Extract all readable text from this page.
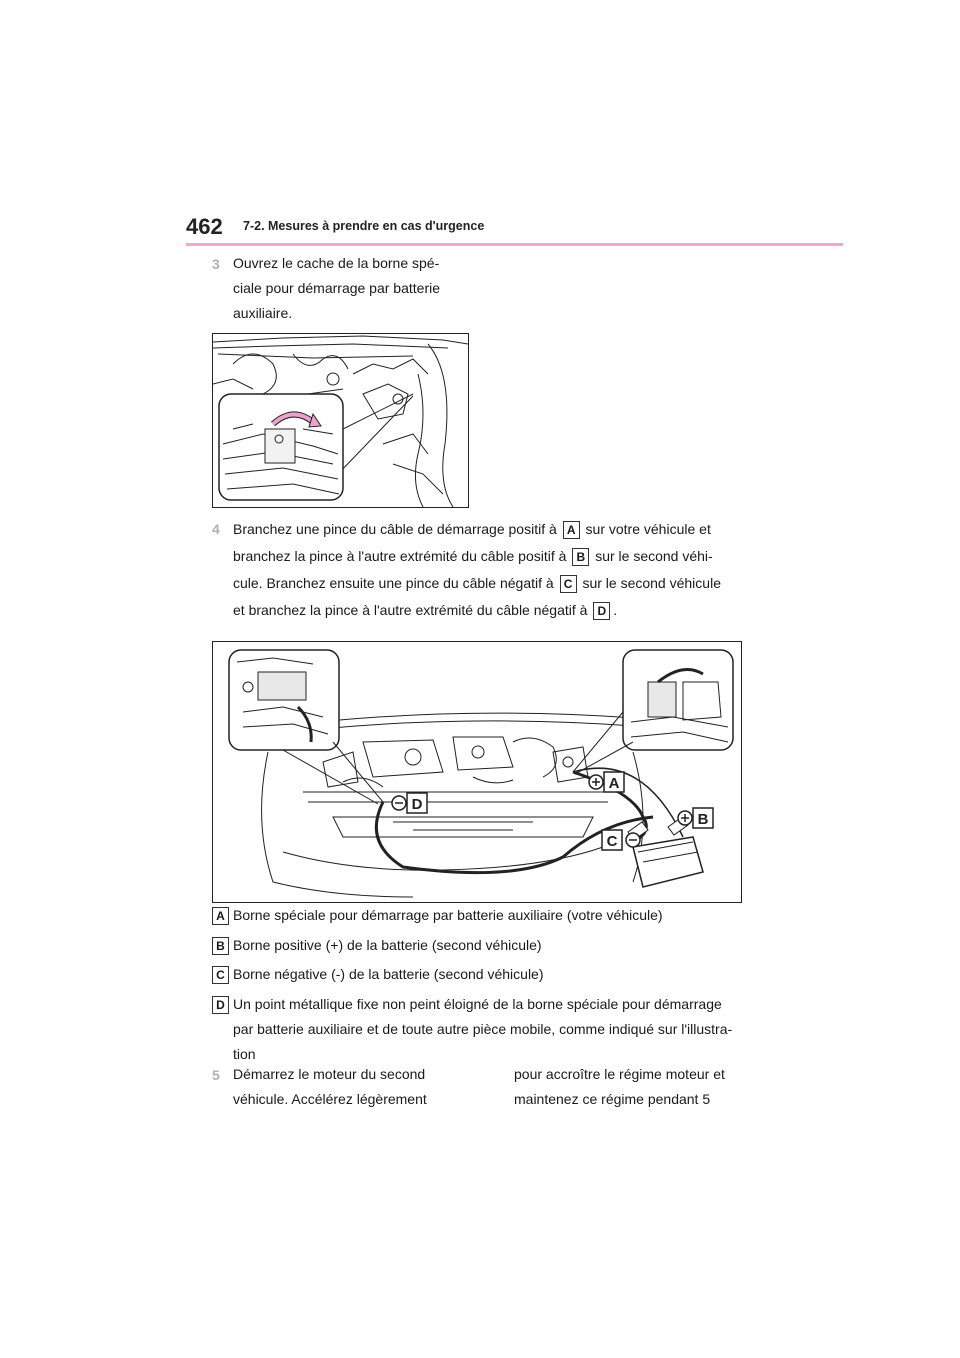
462 7-2. Mesures à prendre en cas d'urgence
3 Ouvrez le cache de la borne spé-
ciale pour démarrage par batterie
auxiliaire.
4 Branchez une pince du câble de démarrage positif à A sur votre véhicule et
branchez la pince à l'autre extrémité du câble positif à B sur le second véhi-
cule. Branchez ensuite une pince du câble négatif à C sur le second véhicule
et branchez la pince à l'autre extrémité du câble négatif à D .
A
D
B
C
A Borne spéciale pour démarrage par batterie auxiliaire (votre véhicule)
B Borne positive (+) de la batterie (second véhicule)
C Borne négative (-) de la batterie (second véhicule)
D Un point métallique fixe non peint éloigné de la borne spéciale pour démarrage
par batterie auxiliaire et de toute autre pièce mobile, comme indiqué sur l'illustra-
tion
5 Démarrez le moteur du second
véhicule. Accélérez légèrement
pour accroître le régime moteur et
maintenez ce régime pendant 5
